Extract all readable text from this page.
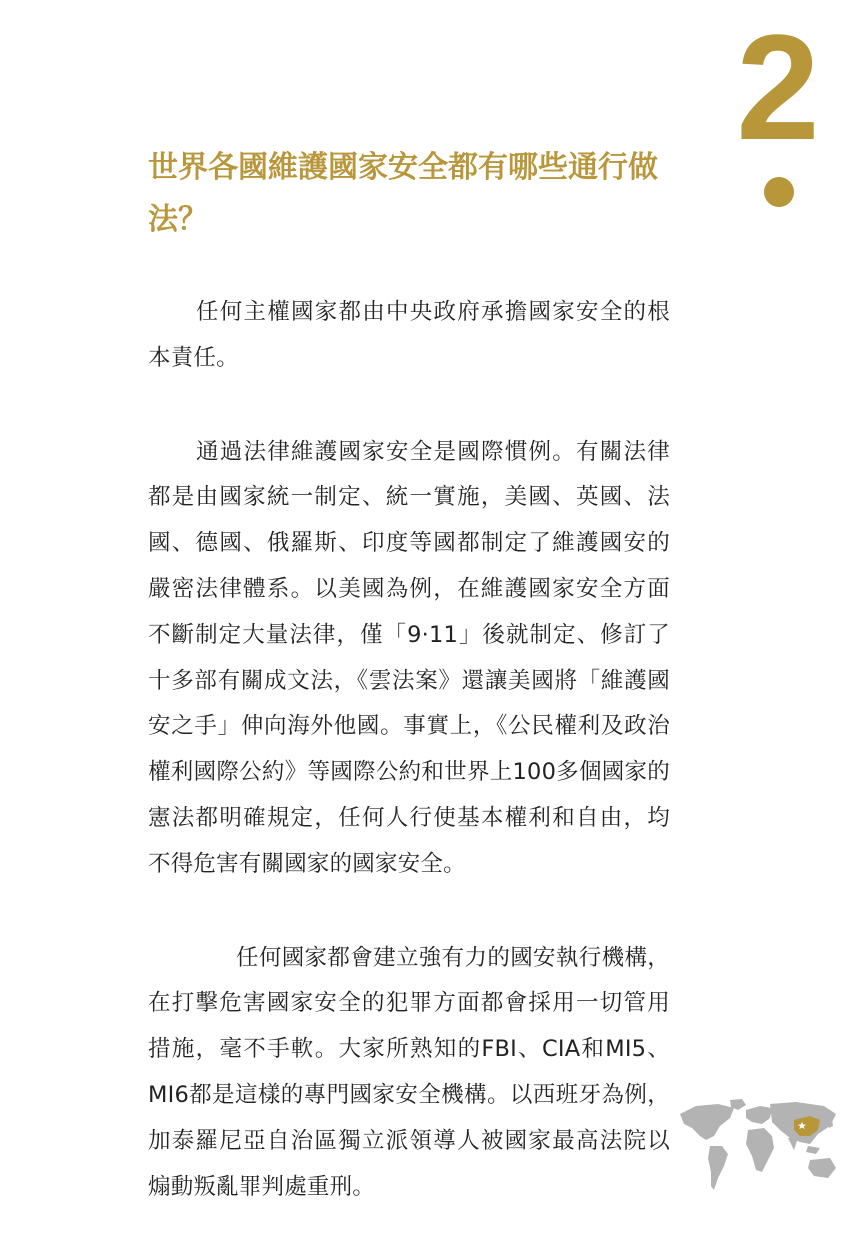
2
世界各國維護國家安全都有哪些通行做法？

任何主權國家都由中央政府承擔國家安全的根本責任。

通過法律維護國家安全是國際慣例。有關法律都是由國家統一制定、統一實施，美國、英國、法國、德國、俄羅斯、印度等國都制定了維護國安的嚴密法律體系。以美國為例，在維護國家安全方面不斷制定大量法律，僅「9‧11」後就制定、修訂了十多部有關成文法，《雲法案》還讓美國將「維護國安之手」伸向海外他國。事實上，《公民權利及政治權利國際公約》等國際公約和世界上100多個國家的憲法都明確規定，任何人行使基本權利和自由，均不得危害有關國家的國家安全。

任何國家都會建立強有力的國安執行機構，在打擊危害國家安全的犯罪方面都會採用一切管用措施，毫不手軟。大家所熟知的FBI、CIA和MI5、MI6都是這樣的專門國家安全機構。以西班牙為例，加泰羅尼亞自治區獨立派領導人被國家最高法院以煽動叛亂罪判處重刑。
